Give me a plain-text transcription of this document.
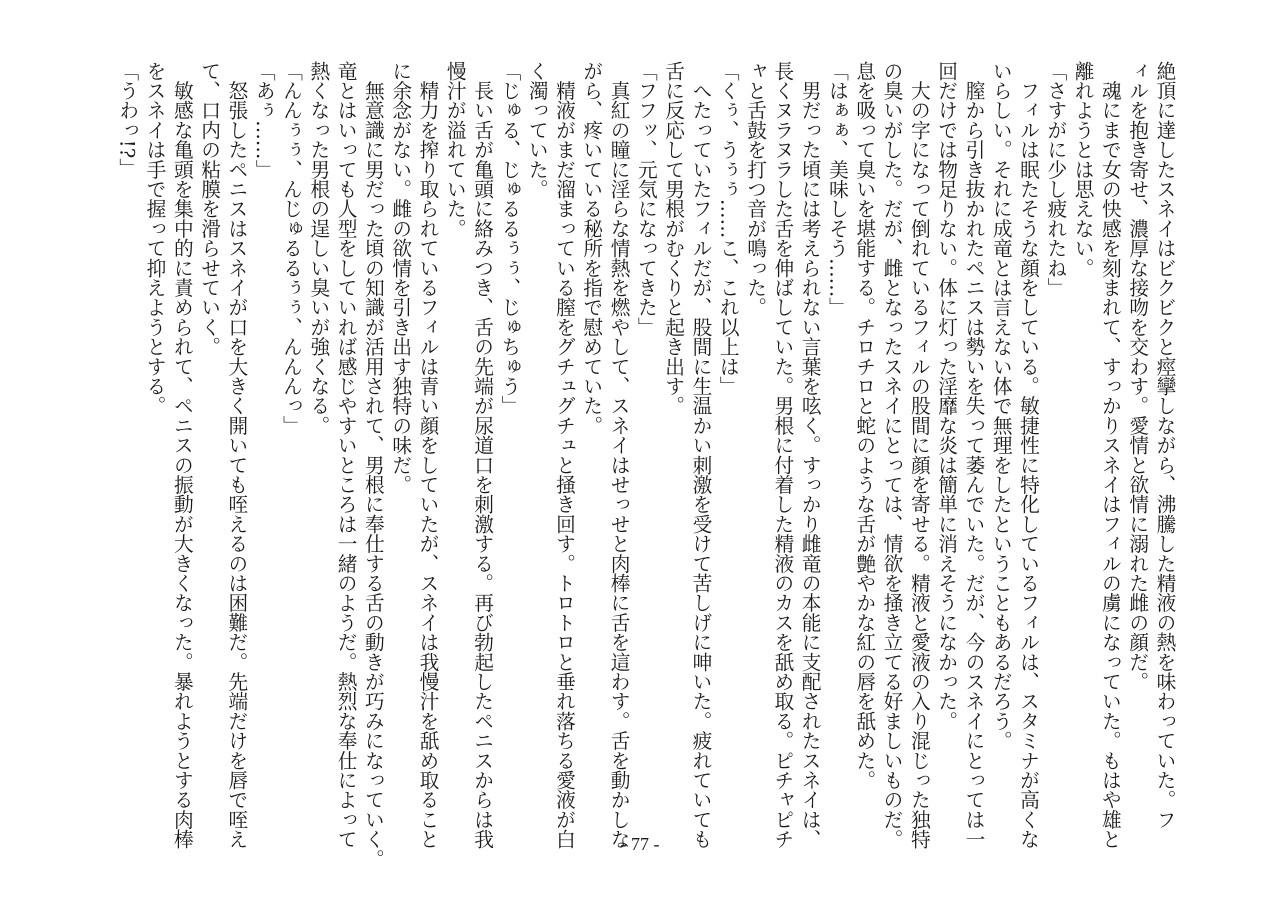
絶頂に達したスネイはビクビクと痙攣しながら、沸騰した精液の熱を味わっていた。フ
ィルを抱き寄せ、濃厚な接吻を交わす。愛情と欲情に溺れた雌の顔だ。
　魂にまで女の快感を刻まれて、すっかりスネイはフィルの虜になっていた。もはや雄と
離れようとは思えない。
「さすがに少し疲れたね」
　フィルは眠たそうな顔をしている。敏捷性に特化しているフィルは、スタミナが高くな
いらしい。それに成竜とは言えない体で無理をしたということもあるだろう。
　膣から引き抜かれたペニスは勢いを失って萎んでいた。だが、今のスネイにとっては一
回だけでは物足りない。体に灯った淫靡な炎は簡単に消えそうになかった。
　大の字になって倒れているフィルの股間に顔を寄せる。精液と愛液の入り混じった独特
の臭いがした。だが、雌となったスネイにとっては、情欲を掻き立てる好ましいものだ。
息を吸って臭いを堪能する。チロチロと蛇のような舌が艶やかな紅の唇を舐めた。
「はぁぁ、美味しそう……」
　男だった頃には考えられない言葉を呟く。すっかり雌竜の本能に支配されたスネイは、
長くヌラヌラした舌を伸ばしていた。男根に付着した精液のカスを舐め取る。ピチャピチ
ャと舌鼓を打つ音が鳴った。
「くぅ、うぅぅ……こ、これ以上は」
　へたっていたフィルだが、股間に生温かい刺激を受けて苦しげに呻いた。疲れていても
舌に反応して男根がむくりと起き出す。
「フフッ、元気になってきた」
　真紅の瞳に淫らな情熱を燃やして、スネイはせっせと肉棒に舌を這わす。舌を動かしな
がら、疼いている秘所を指で慰めていた。
　精液がまだ溜まっている膣をグチュグチュと掻き回す。トロトロと垂れ落ちる愛液が白
く濁っていた。
「じゅる、じゅるるぅぅ、じゅちゅう」
　長い舌が亀頭に絡みつき、舌の先端が尿道口を刺激する。再び勃起したペニスからは我
慢汁が溢れていた。
　精力を搾り取られているフィルは青い顔をしていたが、スネイは我慢汁を舐め取ること
に余念がない。雌の欲情を引き出す独特の味だ。
　無意識に男だった頃の知識が活用されて、男根に奉仕する舌の動きが巧みになっていく。
竜とはいっても人型をしていれば感じやすいところは一緒のようだ。熱烈な奉仕によって
熱くなった男根の逞しい臭いが強くなる。
「んんぅぅ、んじゅるるぅぅ、んんんっ」
「あぅ……」
　怒張したペニスはスネイが口を大きく開いても咥えるのは困難だ。先端だけを唇で咥え
て、口内の粘膜を滑らせていく。
　敏感な亀頭を集中的に責められて、ペニスの振動が大きくなった。暴れようとする肉棒
をスネイは手で握って抑えようとする。
「うわっ!?」
- 77 -
